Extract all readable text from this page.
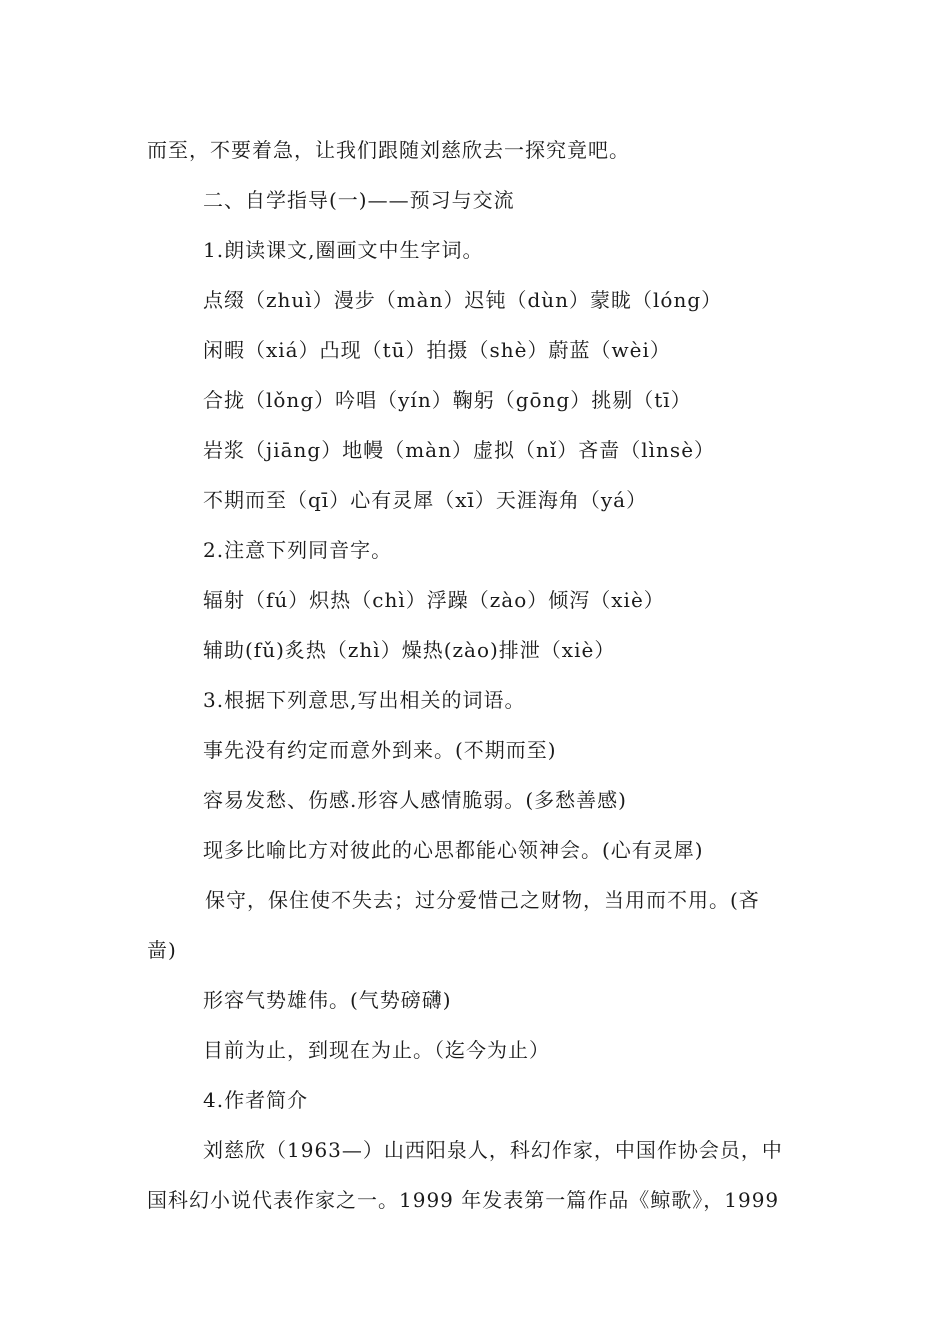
而至，不要着急，让我们跟随刘慈欣去一探究竟吧。
二、自学指导(一)——预习与交流
1.朗读课文,圈画文中生字词。
点缀（zhuì）漫步（màn）迟钝（dùn）蒙眬（lóng）
闲暇（xiá）凸现（tū）拍摄（shè）蔚蓝（wèi）
合拢（lǒng）吟唱（yín）鞠躬（gōng）挑剔（tī）
岩浆（jiāng）地幔（màn）虚拟（nǐ）吝啬（lìnsè）
不期而至（qī）心有灵犀（xī）天涯海角（yá）
2.注意下列同音字。
辐射（fú）炽热（chì）浮躁（zào）倾泻（xiè）
辅助(fǔ)炙热（zhì）燥热(zào)排泄（xiè）
3.根据下列意思,写出相关的词语。
事先没有约定而意外到来。(不期而至)
容易发愁、伤感.形容人感情脆弱。(多愁善感)
现多比喻比方对彼此的心思都能心领神会。(心有灵犀)
保守，保住使不失去；过分爱惜己之财物，当用而不用。(吝
啬)
形容气势雄伟。(气势磅礴)
目前为止，到现在为止。（迄今为止）
4.作者简介
刘慈欣（1963—）山西阳泉人，科幻作家，中国作协会员，中
国科幻小说代表作家之一。1999 年发表第一篇作品《鲸歌》，1999
